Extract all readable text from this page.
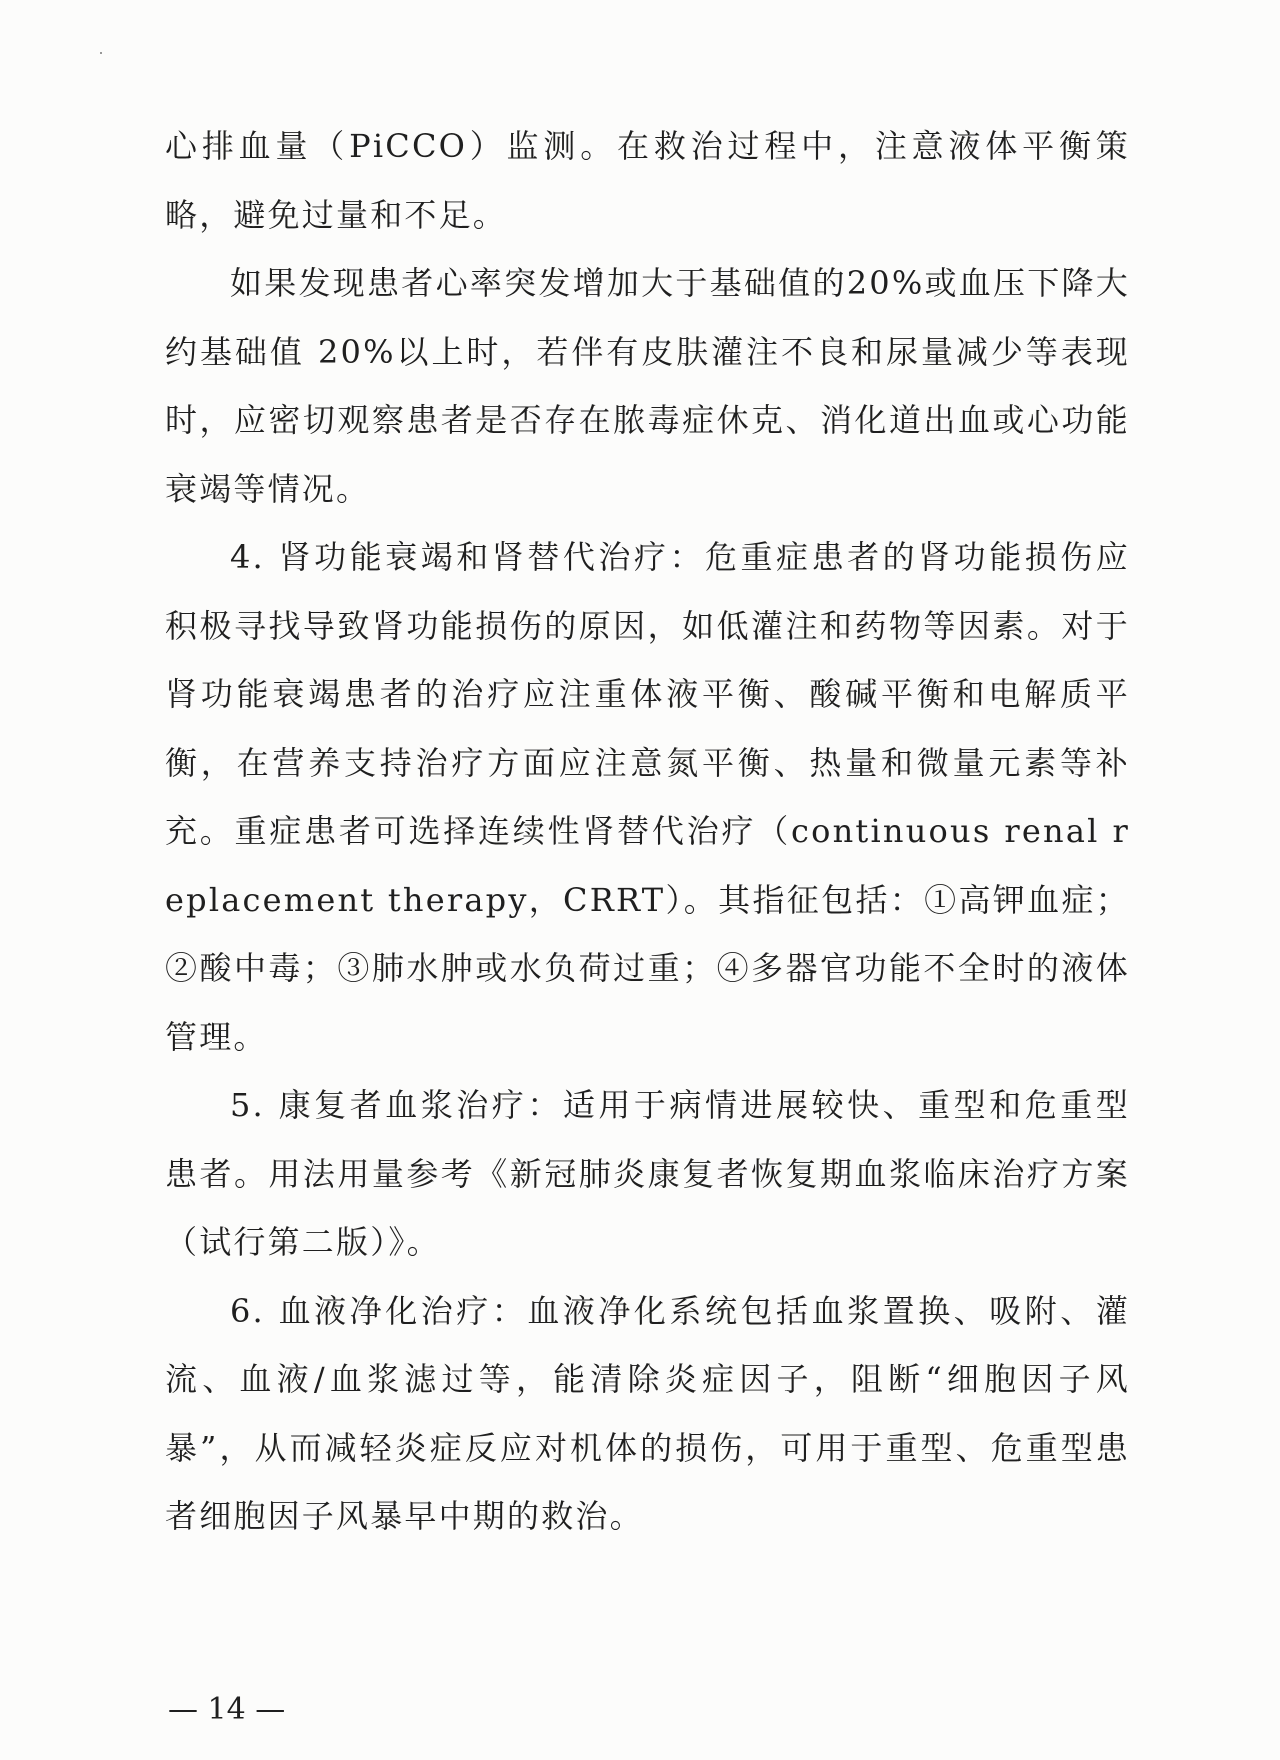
心排血量（PiCCO）监测。在救治过程中，注意液体平衡策略，避免过量和不足。

如果发现患者心率突发增加大于基础值的20%或血压下降大约基础值 20%以上时，若伴有皮肤灌注不良和尿量减少等表现时，应密切观察患者是否存在脓毒症休克、消化道出血或心功能衰竭等情况。

4. 肾功能衰竭和肾替代治疗：危重症患者的肾功能损伤应积极寻找导致肾功能损伤的原因，如低灌注和药物等因素。对于肾功能衰竭患者的治疗应注重体液平衡、酸碱平衡和电解质平衡，在营养支持治疗方面应注意氮平衡、热量和微量元素等补充。重症患者可选择连续性肾替代治疗（continuous renal replacement therapy，CRRT）。其指征包括：①高钾血症；②酸中毒；③肺水肿或水负荷过重；④多器官功能不全时的液体管理。

5. 康复者血浆治疗：适用于病情进展较快、重型和危重型患者。用法用量参考《新冠肺炎康复者恢复期血浆临床治疗方案（试行第二版）》。

6. 血液净化治疗：血液净化系统包括血浆置换、吸附、灌流、血液/血浆滤过等，能清除炎症因子，阻断“细胞因子风暴”，从而减轻炎症反应对机体的损伤，可用于重型、危重型患者细胞因子风暴早中期的救治。

— 14 —
